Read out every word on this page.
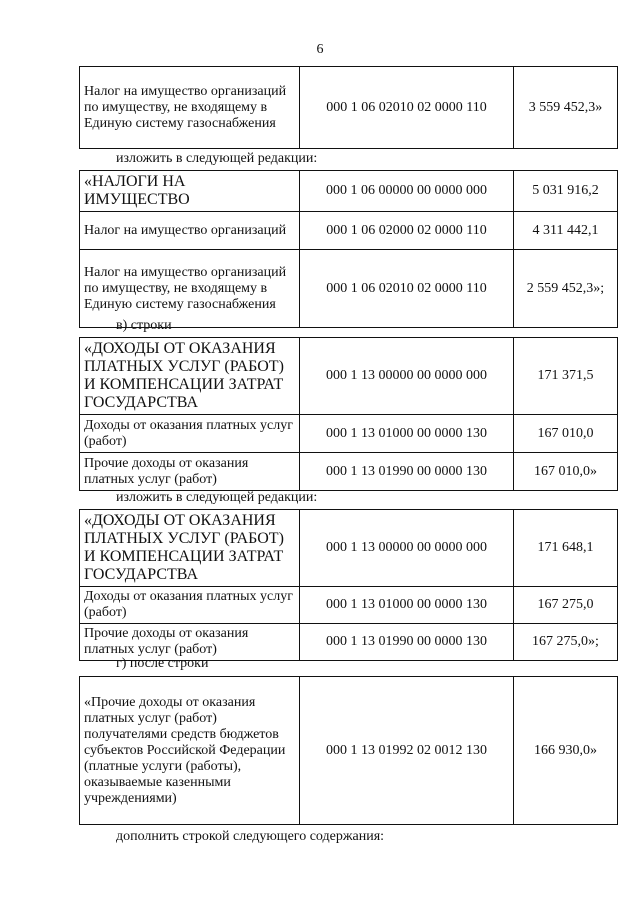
6
Налог на имущество организаций по имуществу, не входящему в Единую систему газоснабжения	000 1 06 02010 02 0000 110	3 559 452,3»
изложить в следующей редакции:
«НАЛОГИ НА ИМУЩЕСТВО	000 1 06 00000 00 0000 000	5 031 916,2
Налог на имущество организаций	000 1 06 02000 02 0000 110	4 311 442,1
Налог на имущество организаций по имуществу, не входящему в Единую систему газоснабжения	000 1 06 02010 02 0000 110	2 559 452,3»;
в) строки
«ДОХОДЫ ОТ ОКАЗАНИЯ ПЛАТНЫХ УСЛУГ (РАБОТ) И КОМПЕНСАЦИИ ЗАТРАТ ГОСУДАРСТВА	000 1 13 00000 00 0000 000	171 371,5
Доходы от оказания платных услуг (работ)	000 1 13 01000 00 0000 130	167 010,0
Прочие доходы от оказания платных услуг (работ)	000 1 13 01990 00 0000 130	167 010,0»
изложить в следующей редакции:
«ДОХОДЫ ОТ ОКАЗАНИЯ ПЛАТНЫХ УСЛУГ (РАБОТ) И КОМПЕНСАЦИИ ЗАТРАТ ГОСУДАРСТВА	000 1 13 00000 00 0000 000	171 648,1
Доходы от оказания платных услуг (работ)	000 1 13 01000 00 0000 130	167 275,0
Прочие доходы от оказания платных услуг (работ)	000 1 13 01990 00 0000 130	167 275,0»;
г) после строки
«Прочие доходы от оказания платных услуг (работ) получателями средств бюджетов субъектов Российской Федерации (платные услуги (работы), оказываемые казенными учреждениями)	000 1 13 01992 02 0012 130	166 930,0»
дополнить строкой следующего содержания:
